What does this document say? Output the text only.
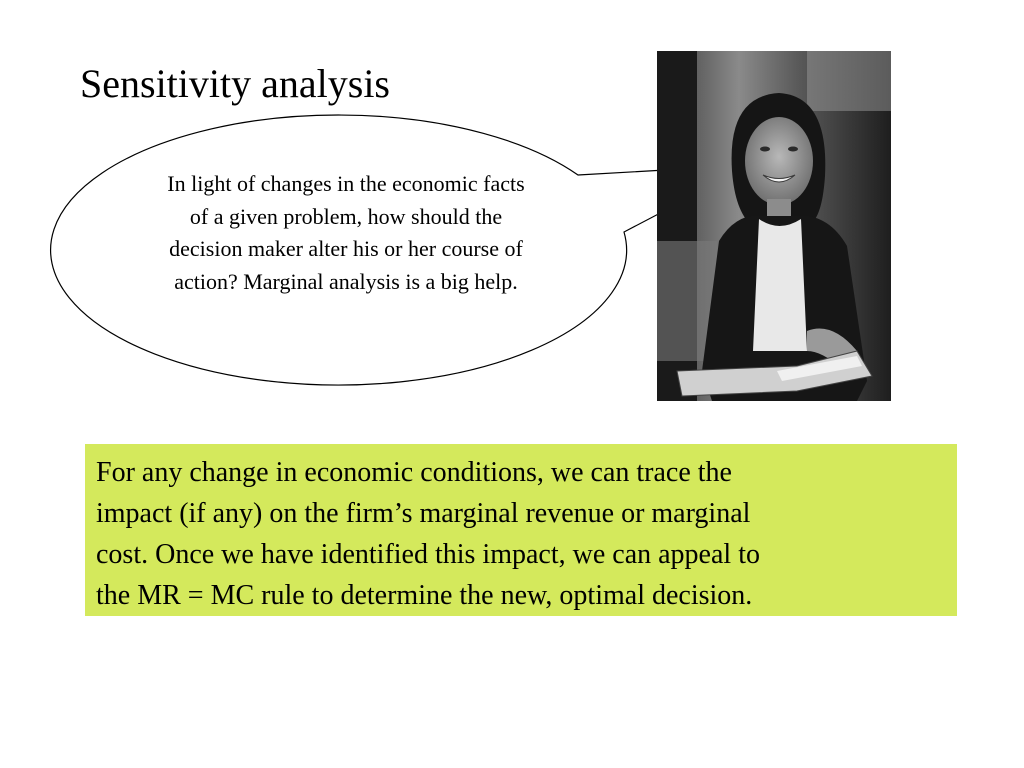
Sensitivity analysis

In light of changes in the economic facts of a given problem, how should the decision maker alter his or her course of action? Marginal analysis is a big help.

For any change in economic conditions, we can trace the
impact (if any) on the firm’s marginal revenue or marginal
cost. Once we have identified this impact, we can appeal to
the MR = MC rule to determine the new, optimal decision.
